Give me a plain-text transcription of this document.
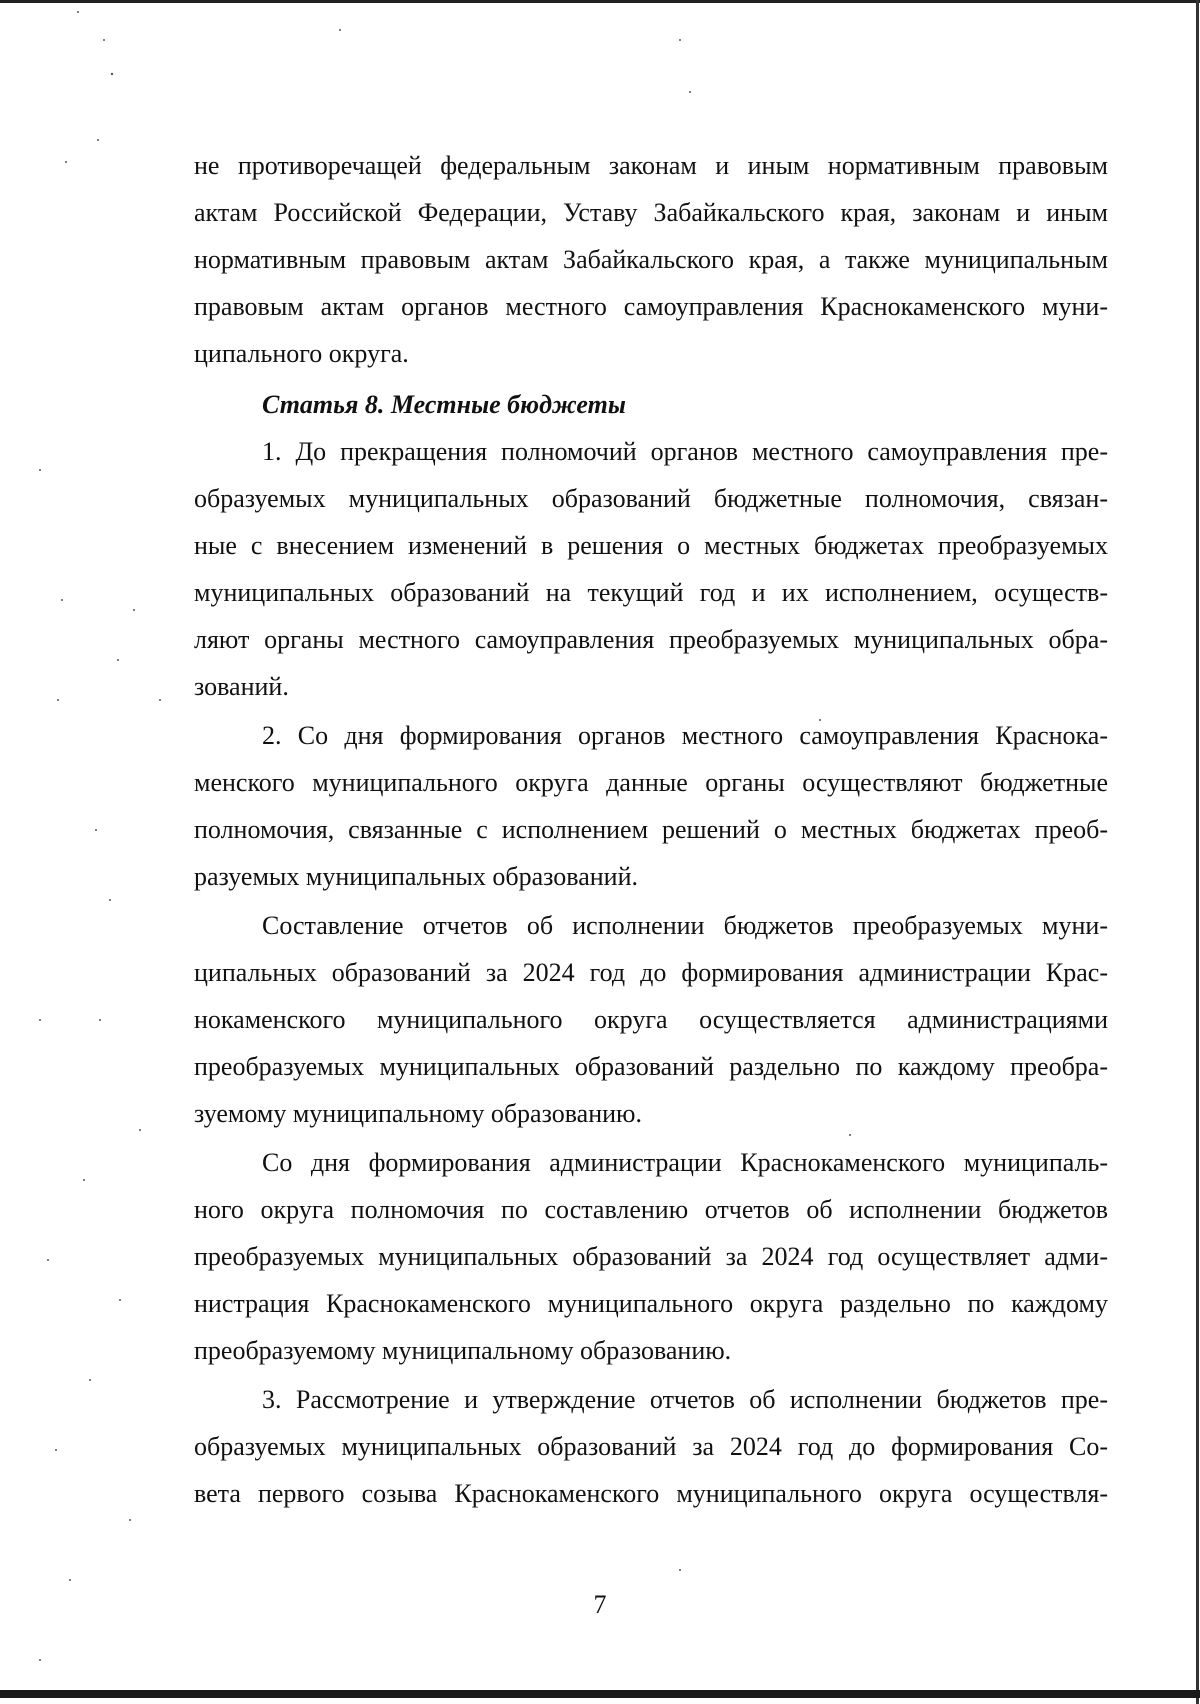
не противоречащей федеральным законам и иным нормативным правовым
актам Российской Федерации, Уставу Забайкальского края, законам и иным
нормативным правовым актам Забайкальского края, а также муниципальным
правовым актам органов местного самоуправления Краснокаменского муни-
ципального округа.
Статья 8. Местные бюджеты
1. До прекращения полномочий органов местного самоуправления пре-
образуемых муниципальных образований бюджетные полномочия, связан-
ные с внесением изменений в решения о местных бюджетах преобразуемых
муниципальных образований на текущий год и их исполнением, осуществ-
ляют органы местного самоуправления преобразуемых муниципальных обра-
зований.
2. Со дня формирования органов местного самоуправления Краснока-
менского муниципального округа данные органы осуществляют бюджетные
полномочия, связанные с исполнением решений о местных бюджетах преоб-
разуемых муниципальных образований.
Составление отчетов об исполнении бюджетов преобразуемых муни-
ципальных образований за 2024 год до формирования администрации Крас-
нокаменского муниципального округа осуществляется администрациями
преобразуемых муниципальных образований раздельно по каждому преобра-
зуемому муниципальному образованию.
Со дня формирования администрации Краснокаменского муниципаль-
ного округа полномочия по составлению отчетов об исполнении бюджетов
преобразуемых муниципальных образований за 2024 год осуществляет адми-
нистрация Краснокаменского муниципального округа раздельно по каждому
преобразуемому муниципальному образованию.
3. Рассмотрение и утверждение отчетов об исполнении бюджетов пре-
образуемых муниципальных образований за 2024 год до формирования Со-
вета первого созыва Краснокаменского муниципального округа осуществля-
7
